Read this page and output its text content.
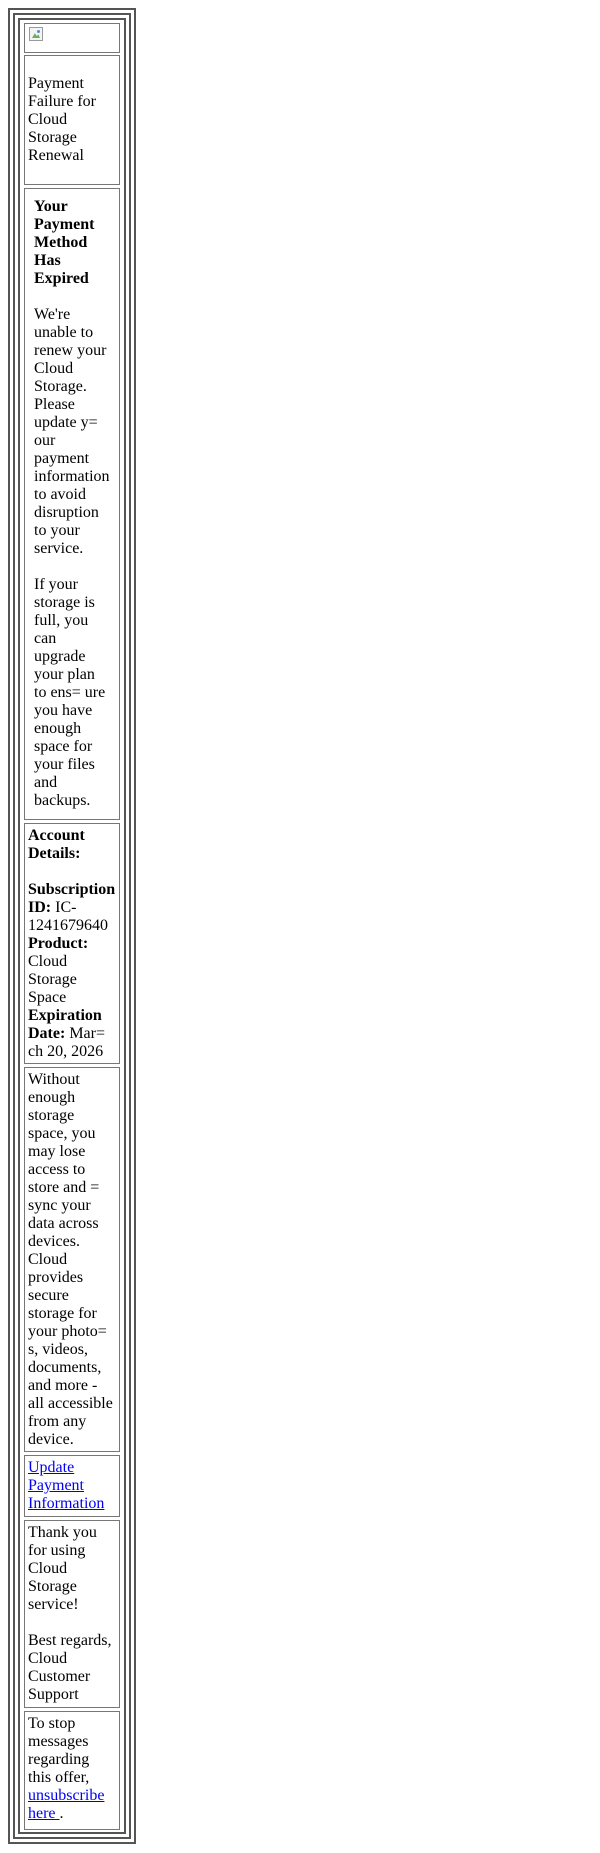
Payment
Failure for
Cloud
Storage
Renewal
Your
Payment
Method
Has
Expired
We're
unable to
renew your
Cloud
Storage.
Please
update y=
our
payment
information
to avoid
disruption
to your
service.
If your
storage is
full, you
can
upgrade
your plan
to ens= ure
you have
enough
space for
your files
and
backups.
Account
Details:
Subscription
ID: IC-
1241679640
Product:
Cloud
Storage
Space
Expiration
Date: Mar=
ch 20, 2026
Without
enough
storage
space, you
may lose
access to
store and =
sync your
data across
devices.
Cloud
provides
secure
storage for
your photo=
s, videos,
documents,
and more -
all accessible
from any
device.
Update
Payment
Information
Thank you
for using
Cloud
Storage
service!
Best regards,
Cloud
Customer
Support
To stop
messages
regarding
this offer,
unsubscribe
here .
